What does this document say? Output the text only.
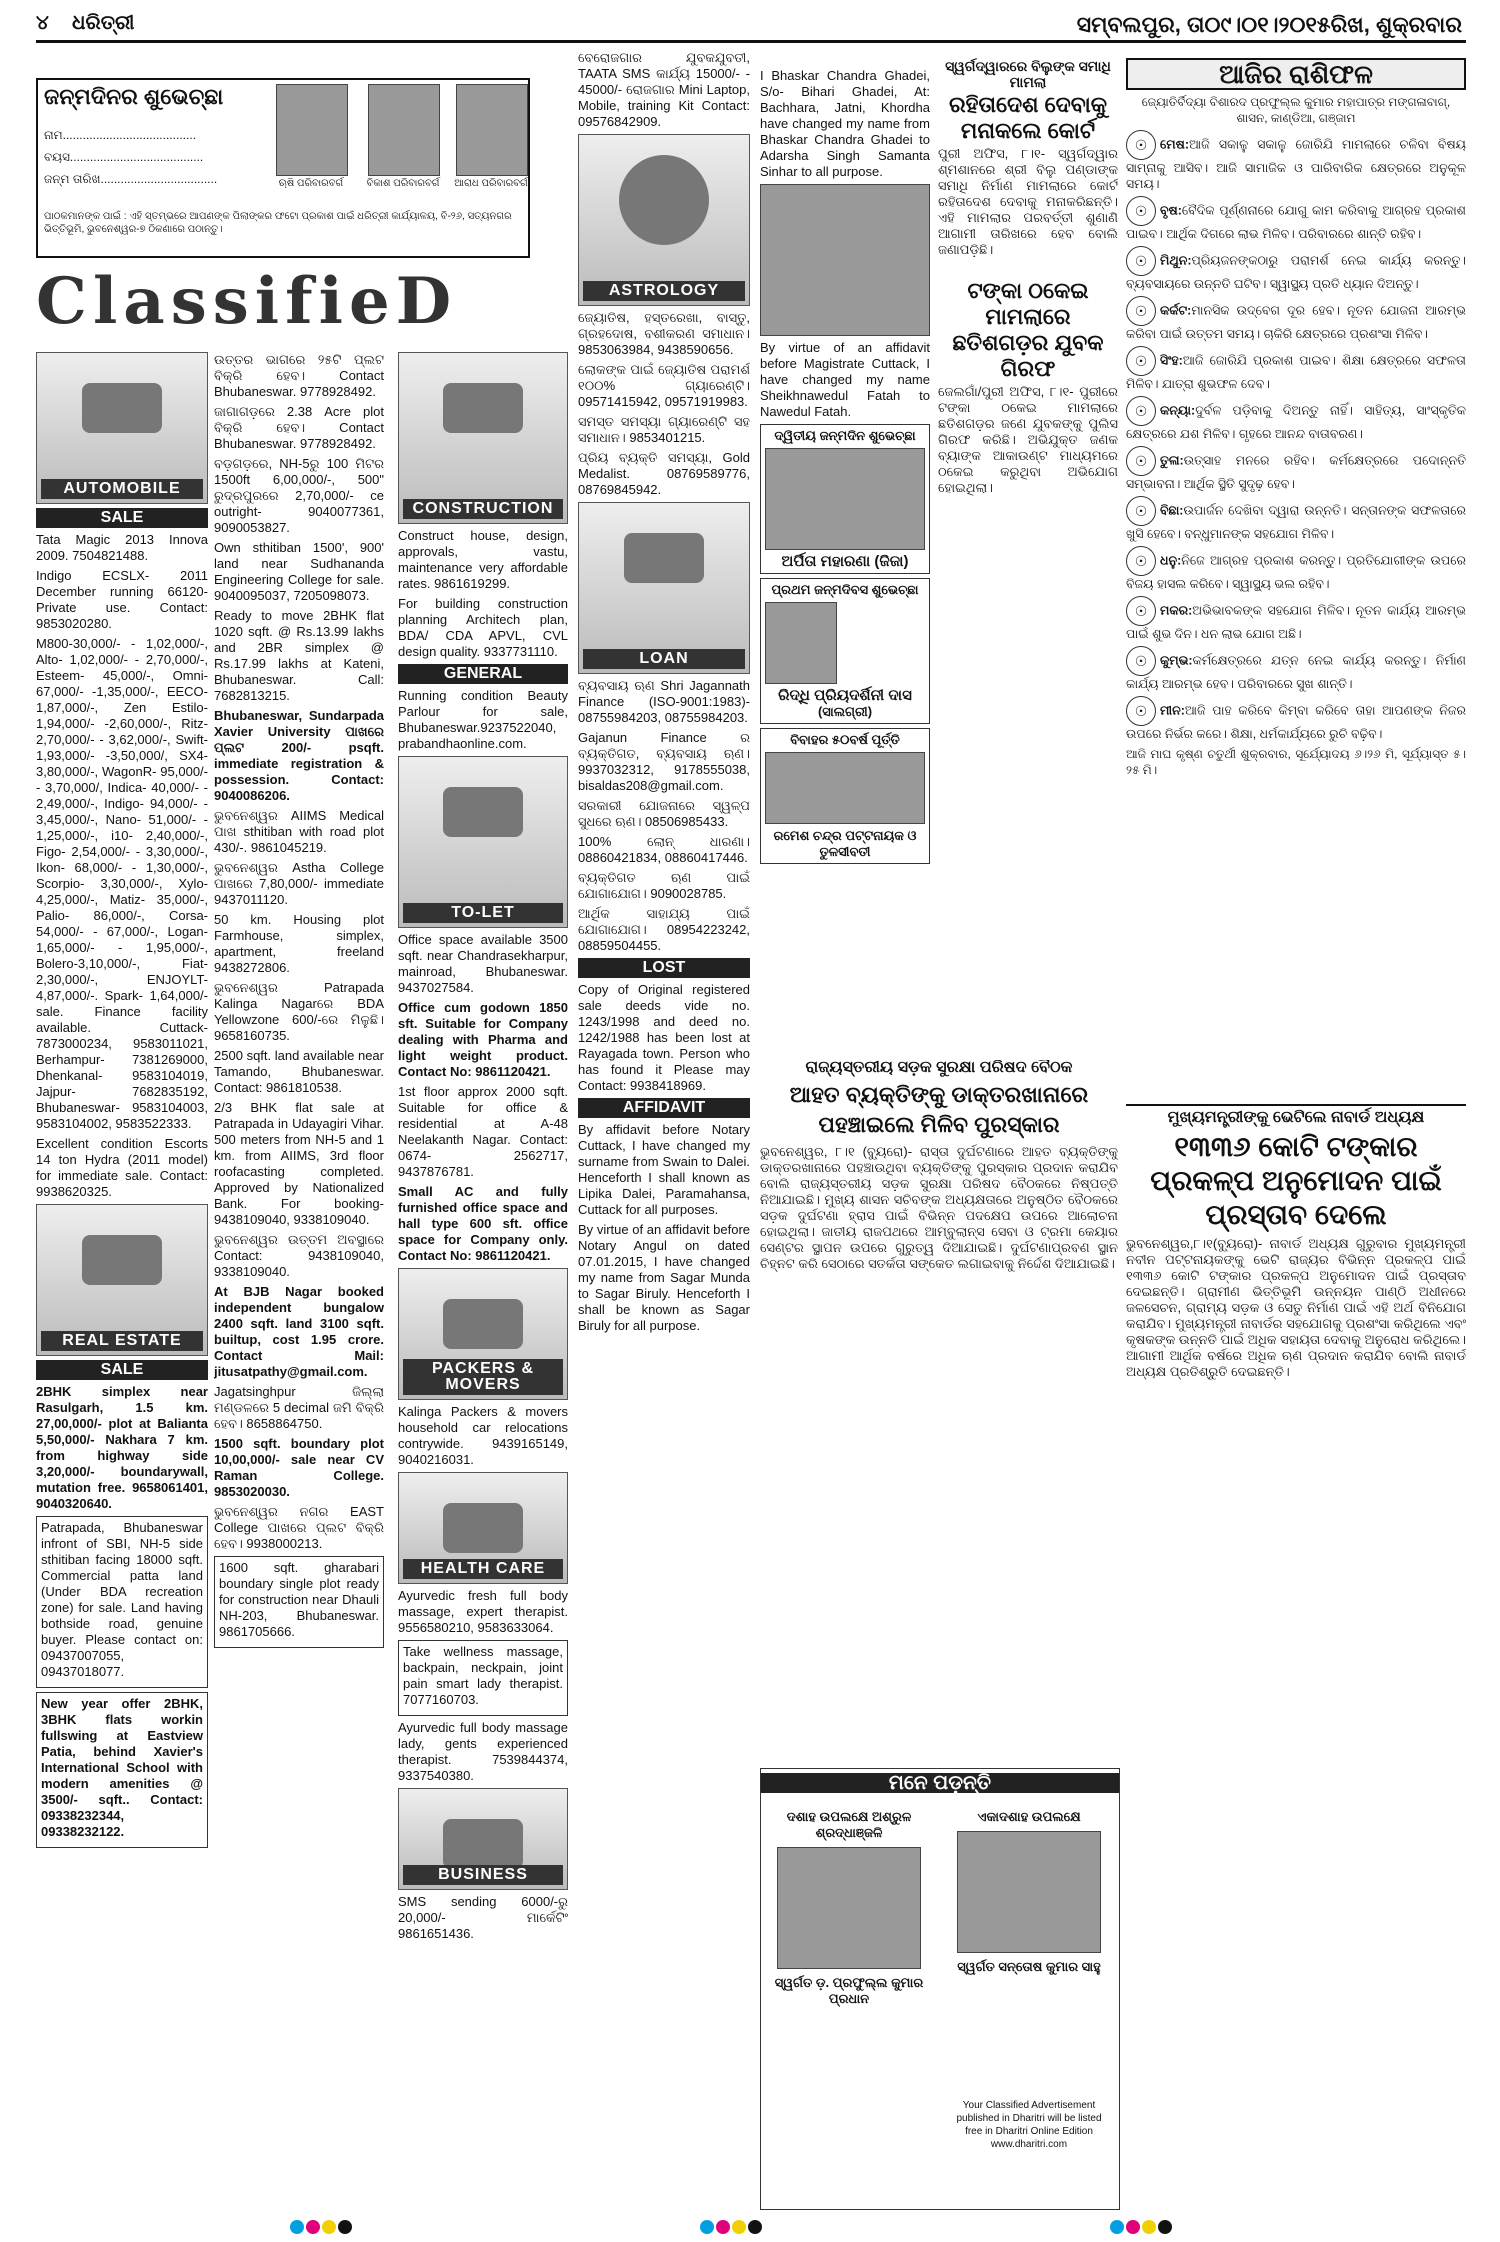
୪ ଧରିତ୍ରୀ	ସମ୍ବଲପୁର, ତା୦୯।୦୧।୨୦୧୫ରିଖ, ଶୁକ୍ରବାର
ଜନ୍ମଦିନର ଶୁଭେଚ୍ଛା
ନାମ........................................
ବୟସ........................................
ଜନ୍ମ ତାରିଖ...................................	ଋଷି ପରିବାରବର୍ଗ	ବିକାଶ ପରିବାରବର୍ଗ	ଆରାଧ ପରିବାରବର୍ଗ
ପାଠକମାନଙ୍କ ପାଇଁ : ଏହି ସ୍ତମ୍ଭରେ ଆପଣଙ୍କ ପିଲାଙ୍କର ଫଟୋ ପ୍ରକାଶ ପାଇଁ ଧରିତ୍ରୀ କାର୍ଯ୍ୟାଳୟ, ବି-୨୬, ସତ୍ୟନଗର ଭିତ୍ତିଭୂମି, ଭୁବନେଶ୍ୱର-୭ ଠିକଣାରେ ପଠାନ୍ତୁ।
ClassifieD
AUTOMOBILE
SALE

Tata Magic 2013 Innova 2009. 7504821488.

Indigo ECSLX- 2011 December running 66120- Private use. Contact: 9853020280.

M800-30,000/- - 1,02,000/-, Alto- 1,02,000/- - 2,70,000/-, Esteem- 45,000/-, Omni- 67,000/- -1,35,000/-, EECO- 1,87,000/-, Zen Estilo- 1,94,000/- -2,60,000/-, Ritz- 2,70,000/- - 3,62,000/-, Swift- 1,93,000/- -3,50,000/, SX4- 3,80,000/-, WagonR- 95,000/- - 3,70,000/, Indica- 40,000/- - 2,49,000/-, Indigo- 94,000/- - 3,45,000/-, Nano- 51,000/- - 1,25,000/-, i10- 2,40,000/-, Figo- 2,54,000/- - 3,30,000/-, Ikon- 68,000/- - 1,30,000/-, Scorpio- 3,30,000/-, Xylo- 4,25,000/-, Matiz- 35,000/-, Palio- 86,000/-, Corsa- 54,000/- - 67,000/-, Logan- 1,65,000/- - 1,95,000/-, Bolero-3,10,000/-, Fiat-2,30,000/-, ENJOYLT- 4,87,000/-. Spark- 1,64,000/-sale. Finance facility available. Cuttack- 7873000234, 9583011021, Berhampur- 7381269000, Dhenkanal- 9583104019, Jajpur- 7682835192, Bhubaneswar- 9583104003, 9583104002, 9583522333.

Excellent condition Escorts 14 ton Hydra (2011 model) for immediate sale. Contact: 9938620325.

REAL ESTATE
SALE

2BHK simplex near Rasulgarh, 1.5 km. 27,00,000/- plot at Balianta 5,50,000/- Nakhara 7 km. from highway side 3,20,000/- boundarywall, mutation free. 9658061401, 9040320640.

Patrapada, Bhubaneswar infront of SBI, NH-5 side sthitiban facing 18000 sqft. Commercial patta land (Under BDA recreation zone) for sale. Land having bothside road, genuine buyer. Please contact on: 09437007055, 09437018077.

New year offer 2BHK, 3BHK flats workin fullswing at Eastview Patia, behind Xavier's International School with modern amenities @ 3500/- sqft.. Contact: 09338232344, 09338232122.

ଉତ୍ତର ଭାଗରେ ୨୫ଟି ପ୍ଲଟ ବିକ୍ରି ହେବ। Contact Bhubaneswar. 9778928492.

ଜାଗାଗଡ଼ରେ 2.38 Acre plot ବିକ୍ରି ହେବ। Contact Bhubaneswar. 9778928492.

ବଡ଼ଗଡ଼ରେ, NH-5ରୁ 100 ମିଟର 1500ft 6,00,000/-, 500" ରୁଦ୍ରପୁରରେ 2,70,000/- ce outright- 9040077361, 9090053827.

Own sthitiban 1500', 900' land near Sudhananda Engineering College for sale. 9040095037, 7205098073.

Ready to move 2BHK flat 1020 sqft. @ Rs.13.99 lakhs and 2BR simplex @ Rs.17.99 lakhs at Kateni, Bhubaneswar. Call: 7682813215.

Bhubaneswar, Sundarpada Xavier University ପାଖରେ ପ୍ଲଟ 200/- psqft. immediate registration & possession. Contact: 9040086206.

ଭୁବନେଶ୍ୱର AIIMS Medical ପାଖ sthitiban with road plot 430/-. 9861045219.

ଭୁବନେଶ୍ୱର Astha College ପାଖରେ 7,80,000/- immediate 9437011120.

50 km. Housing plot Farmhouse, simplex, apartment, freeland 9438272806.

ଭୁବନେଶ୍ୱର Patrapada Kalinga Nagarରେ BDA Yellowzone 600/-ରେ ମିଳୁଛି। 9658160735.

2500 sqft. land available near Tamando, Bhubaneswar. Contact: 9861810538.

2/3 BHK flat sale at Patrapada in Udayagiri Vihar. 500 meters from NH-5 and 1 km. from AIIMS, 3rd floor roofacasting completed. Approved by Nationalized Bank. For booking- 9438109040, 9338109040.

ଭୁବନେଶ୍ୱର ଉତ୍ତମ ଅବସ୍ଥାରେ Contact: 9438109040, 9338109040.

At BJB Nagar booked independent bungalow 2400 sqft. land 3100 sqft. builtup, cost 1.95 crore. Contact Mail: jitusatpathy@gmail.com.

Jagatsinghpur ଜିଲ୍ଲା ମଣ୍ଡଳରେ 5 decimal ଜମି ବିକ୍ରି ହେବ। 8658864750.

1500 sqft. boundary plot 10,00,000/- sale near CV Raman College. 9853020030.

ଭୁବନେଶ୍ୱର ନଗର EAST College ପାଖରେ ପ୍ଲଟ ବିକ୍ରି ହେବ। 9938000213.

1600 sqft. gharabari boundary single plot ready for construction near Dhauli NH-203, Bhubaneswar. 9861705666.

CONSTRUCTION

Construct house, design, approvals, vastu, maintenance very affordable rates. 9861619299.

For building construction planning Architech plan, BDA/ CDA APVL, CVL design quality. 9337731110.

GENERAL

Running condition Beauty Parlour for sale, Bhubaneswar.9237522040, prabandhaonline.com.

TO-LET

Office space available 3500 sqft. near Chandrasekharpur, mainroad, Bhubaneswar. 9437027584.

Office cum godown 1850 sft. Suitable for Company dealing with Pharma and light weight product. Contact No: 9861120421.

1st floor approx 2000 sqft. Suitable for office & residential at A-48 Neelakanth Nagar. Contact: 0674- 2562717, 9437876781.

Small AC and fully furnished office space and hall type 600 sft. office space for Company only. Contact No: 9861120421.

PACKERS & MOVERS

Kalinga Packers & movers household car relocations contrywide. 9439165149, 9040216031.

HEALTH CARE

Ayurvedic fresh full body massage, expert therapist. 9556580210, 9583633064.

Take wellness massage, backpain, neckpain, joint pain smart lady therapist. 7077160703.

Ayurvedic full body massage lady, gents experienced therapist. 7539844374, 9337540380.

BUSINESS

SMS sending 6000/-ରୁ 20,000/- ମାର୍କେଟିଂ 9861651436.

ବେରୋଜଗାର ଯୁବକଯୁବତୀ, TAATA SMS କାର୍ଯ୍ୟ 15000/- - 45000/- ରୋଜଗାର Mini Laptop, Mobile, training Kit Contact: 09576842909.

ASTROLOGY

ଜ୍ୟୋତିଷ, ହସ୍ତରେଖା, ବାସ୍ତୁ, ଗ୍ରହଦୋଷ, ବଶୀକରଣ ସମାଧାନ। 9853063984, 9438590656.

ଲୋକଙ୍କ ପାଇଁ ଜ୍ୟୋତିଷ ପରାମର୍ଶ ୧୦୦% ଗ୍ୟାରେଣ୍ଟି। 09571415942, 09571919983.

ସମସ୍ତ ସମସ୍ୟା ଗ୍ୟାରେଣ୍ଟି ସହ ସମାଧାନ। 9853401215.

ପ୍ରିୟ ବ୍ୟକ୍ତି ସମସ୍ୟା, Gold Medalist. 08769589776, 08769845942.

LOAN

ବ୍ୟବସାୟ ଋଣ Shri Jagannath Finance (ISO-9001:1983)- 08755984203, 08755984203.

Gajanun Finance ର ବ୍ୟକ୍ତିଗତ, ବ୍ୟବସାୟ ଋଣ। 9937032312, 9178555038, bisaldas208@gmail.com.

ସରକାରୀ ଯୋଜନାରେ ସ୍ୱଳ୍ପ ସୁଧରେ ଋଣ। 08506985433.

100% ଲୋନ୍ ଧାରଣା। 08860421834, 08860417446.

ବ୍ୟକ୍ତିଗତ ଋଣ ପାଇଁ ଯୋଗାଯୋଗ। 9090028785.

ଆର୍ଥିକ ସାହାଯ୍ୟ ପାଇଁ ଯୋଗାଯୋଗ। 08954223242, 08859504455.

LOST

Copy of Original registered sale deeds vide no. 1243/1998 and deed no. 1242/1988 has been lost at Rayagada town. Person who has found it Please may Contact: 9938418969.

AFFIDAVIT

By affidavit before Notary Cuttack, I have changed my surname from Swain to Dalei. Henceforth I shall known as Lipika Dalei, Paramahansa, Cuttack for all purposes.

By virtue of an affidavit before Notary Angul on dated 07.01.2015, I have changed my name from Sagar Munda to Sagar Biruly. Henceforth I shall be known as Sagar Biruly for all purpose.

I Bhaskar Chandra Ghadei, S/o- Bihari Ghadei, At: Bachhara, Jatni, Khordha have changed my name from Bhaskar Chandra Ghadei to Adarsha Singh Samanta Sinhar to all purpose.

By virtue of an affidavit before Magistrate Cuttack, I have changed my name Sheikhnawedul Fatah to Nawedul Fatah.

ଦ୍ୱିତୀୟ ଜନ୍ମଦିନ ଶୁଭେଚ୍ଛା
ଅର୍ପିତା ମହାରଣା (ଜିଜା)
ପ୍ରଥମ ଜନ୍ମଦିବସ ଶୁଭେଚ୍ଛା
ରିଦ୍ଧି ପ୍ରିୟଦର୍ଶିନୀ ଦାସ
(ସାଲଗ୍ରୀ)
ବିବାହର ୫୦ବର୍ଷ ପୂର୍ତ୍ତି
ରମେଶ ଚନ୍ଦ୍ର ପଟ୍ଟନାୟକ ଓ ତୁଳସୀବତୀ
ସ୍ୱର୍ଗଦ୍ୱାରରେ ବିଲୁଙ୍କ ସମାଧି ମାମଲା
ରହିତାଦେଶ ଦେବାକୁ ମନାକଲେ କୋର୍ଟ

ପୁରୀ ଅଫିସ, ୮।୧- ସ୍ୱର୍ଗଦ୍ୱାର ଶ୍ମଶାନରେ ଶ୍ରୀ ବିଲୁ ପଣ୍ଡାଙ୍କ ସମାଧି ନିର୍ମାଣ ମାମଲାରେ କୋର୍ଟ ରହିତାଦେଶ ଦେବାକୁ ମନାକରିଛନ୍ତି। ଏହି ମାମଲାର ପରବର୍ତ୍ତୀ ଶୁଣାଣି ଆଗାମୀ ତାରିଖରେ ହେବ ବୋଲି ଜଣାପଡ଼ିଛି।

ଟଙ୍କା ଠକେଇ ମାମଲାରେ ଛତିଶଗଡ଼ର ଯୁବକ ଗିରଫ

ଜେଲଗାଁ/ପୁରୀ ଅଫିସ, ୮।୧- ପୁରୀରେ ଟଙ୍କା ଠକେଇ ମାମଲାରେ ଛତିଶଗଡ଼ର ଜଣେ ଯୁବକଙ୍କୁ ପୁଲିସ ଗିରଫ କରିଛି। ଅଭିଯୁକ୍ତ ଜଣକ ବ୍ୟାଙ୍କ ଆକାଉଣ୍ଟ ମାଧ୍ୟମରେ ଠକେଇ କରୁଥିବା ଅଭିଯୋଗ ହୋଇଥିଲା।

ରାଜ୍ୟସ୍ତରୀୟ ସଡ଼କ ସୁରକ୍ଷା ପରିଷଦ ବୈଠକ
ଆହତ ବ୍ୟକ୍ତିଙ୍କୁ ଡାକ୍ତରଖାନାରେ ପହଞ୍ଚାଇଲେ ମିଳିବ ପୁରସ୍କାର

ଭୁବନେଶ୍ୱର, ୮।୧ (ବ୍ୟୁରୋ)- ରାସ୍ତା ଦୁର୍ଘଟଣାରେ ଆହତ ବ୍ୟକ୍ତିଙ୍କୁ ଡାକ୍ତରଖାନାରେ ପହଞ୍ଚାଉଥିବା ବ୍ୟକ୍ତିଙ୍କୁ ପୁରସ୍କାର ପ୍ରଦାନ କରାଯିବ ବୋଲି ରାଜ୍ୟସ୍ତରୀୟ ସଡ଼କ ସୁରକ୍ଷା ପରିଷଦ ବୈଠକରେ ନିଷ୍ପତ୍ତି ନିଆଯାଇଛି। ମୁଖ୍ୟ ଶାସନ ସଚିବଙ୍କ ଅଧ୍ୟକ୍ଷତାରେ ଅନୁଷ୍ଠିତ ବୈଠକରେ ସଡ଼କ ଦୁର୍ଘଟଣା ହ୍ରାସ ପାଇଁ ବିଭିନ୍ନ ପଦକ୍ଷେପ ଉପରେ ଆଲୋଚନା ହୋଇଥିଲା। ଜାତୀୟ ରାଜପଥରେ ଆମ୍ବୁଲାନ୍ସ ସେବା ଓ ଟ୍ରମା କେୟାର ସେଣ୍ଟର ସ୍ଥାପନ ଉପରେ ଗୁରୁତ୍ୱ ଦିଆଯାଇଛି। ଦୁର୍ଘଟଣାପ୍ରବଣ ସ୍ଥାନ ଚିହ୍ନଟ କରି ସେଠାରେ ସତର୍କତା ସଙ୍କେତ ଲଗାଇବାକୁ ନିର୍ଦ୍ଦେଶ ଦିଆଯାଇଛି।

ମନେ ପଡ଼ନ୍ତି
ଦଶାହ ଉପଲକ୍ଷେ ଅଶ୍ରୁଳ ଶ୍ରଦ୍ଧାଞ୍ଜଳି
ସ୍ୱର୍ଗତ ଡ଼. ପ୍ରଫୁଲ୍ଲ କୁମାର ପ୍ରଧାନ
ଏକାଦଶାହ ଉପଲକ୍ଷେ
ସ୍ୱର୍ଗତ ସନ୍ତୋଷ କୁମାର ସାହୁ
Your Classified Advertisement published in Dharitri will be listed free in Dharitri Online Edition www.dharitri.com
ଆଜିର ରାଶିଫଳ
ଜ୍ୟୋତିର୍ବିଦ୍ୟା ବିଶାରଦ ପ୍ରଫୁଲ୍ଲ କୁମାର ମହାପାତ୍ର ମଙ୍ଗଳାବାଗ୍, ଶାସନ, କାଣ୍ଡିଆ, ଗଞ୍ଜାମ

☉ ମେଷ:ଆଜି ସକାଳୁ ସକାଳୁ ଜୋରିଯି ମାମଲାରେ ଚଳିବା ବିଷୟ ସାମ୍ନାକୁ ଆସିବ। ଆଜି ସାମାଜିକ ଓ ପାରିବାରିକ କ୍ଷେତ୍ରରେ ଅନୁକୂଳ ସମୟ।

☉ ବୃଷ:ବୈଦିକ ପୂର୍ଣ୍ଣନାରେ ଯୋଗୁ କାମ କରିବାକୁ ଆଗ୍ରହ ପ୍ରକାଶ ପାଇବ। ଆର୍ଥିକ ଦିଗରେ ଲାଭ ମିଳିବ। ପରିବାରରେ ଶାନ୍ତି ରହିବ।

☉ ମିଥୁନ:ପ୍ରିୟଜନଙ୍କଠାରୁ ପରାମର୍ଶ ନେଇ କାର୍ଯ୍ୟ କରନ୍ତୁ। ବ୍ୟବସାୟରେ ଉନ୍ନତି ଘଟିବ। ସ୍ୱାସ୍ଥ୍ୟ ପ୍ରତି ଧ୍ୟାନ ଦିଅନ୍ତୁ।

☉ କର୍କଟ:ମାନସିକ ଉଦ୍‌ବେଗ ଦୂର ହେବ। ନୂତନ ଯୋଜନା ଆରମ୍ଭ କରିବା ପାଇଁ ଉତ୍ତମ ସମୟ। ଚାକିରି କ୍ଷେତ୍ରରେ ପ୍ରଶଂସା ମିଳିବ।

☉ ସିଂହ:ଆଜି ଜୋରିଯି ପ୍ରକାଶ ପାଇବ। ଶିକ୍ଷା କ୍ଷେତ୍ରରେ ସଫଳତା ମିଳିବ। ଯାତ୍ରା ଶୁଭଫଳ ଦେବ।

☉ କନ୍ୟା:ଦୁର୍ବଳ ପଡ଼ିବାକୁ ଦିଅନ୍ତୁ ନାହିଁ। ସାହିତ୍ୟ, ସାଂସ୍କୃତିକ କ୍ଷେତ୍ରରେ ଯଶ ମିଳିବ। ଗୃହରେ ଆନନ୍ଦ ବାତାବରଣ।

☉ ତୁଳା:ଉତ୍ସାହ ମନରେ ରହିବ। କର୍ମକ୍ଷେତ୍ରରେ ପଦୋନ୍ନତି ସମ୍ଭାବନା। ଆର୍ଥିକ ସ୍ଥିତି ସୁଦୃଢ଼ ହେବ।

☉ ବିଛା:ଉପାର୍ଜନ ଦେଖିବା ଦ୍ୱାରା ଉନ୍ନତି। ସନ୍ତାନଙ୍କ ସଫଳତାରେ ଖୁସି ହେବେ। ବନ୍ଧୁମାନଙ୍କ ସହଯୋଗ ମିଳିବ।

☉ ଧନୁ:ନିଜେ ଆଗ୍ରହ ପ୍ରକାଶ କରନ୍ତୁ। ପ୍ରତିଯୋଗୀଙ୍କ ଉପରେ ବିଜୟ ହାସଲ କରିବେ। ସ୍ୱାସ୍ଥ୍ୟ ଭଲ ରହିବ।

☉ ମକର:ଅଭିଭାବକଙ୍କ ସହଯୋଗ ମିଳିବ। ନୂତନ କାର୍ଯ୍ୟ ଆରମ୍ଭ ପାଇଁ ଶୁଭ ଦିନ। ଧନ ଲାଭ ଯୋଗ ଅଛି।

☉ କୁମ୍ଭ:କର୍ମକ୍ଷେତ୍ରରେ ଯତ୍ନ ନେଇ କାର୍ଯ୍ୟ କରନ୍ତୁ। ନିର୍ମାଣ କାର୍ଯ୍ୟ ଆରମ୍ଭ ହେବ। ପରିବାରରେ ସୁଖ ଶାନ୍ତି।

☉ ମୀନ:ଆଜି ପାହ କରିବେ କିମ୍ବା କରିବେ ତାହା ଆପଣଙ୍କ ନିଜର ଉପରେ ନିର୍ଭର କରେ। ଶିକ୍ଷା, ଧର୍ମକାର୍ଯ୍ୟରେ ରୁଚି ବଢ଼ିବ।

ଆଜି ମାଘ କୃଷ୍ଣ ଚତୁର୍ଥୀ ଶୁକ୍ରବାର, ସୂର୍ଯ୍ୟୋଦୟ ୬।୨୬ ମି, ସୂର୍ଯ୍ୟାସ୍ତ ୫।୨୫ ମି।

ମୁଖ୍ୟମନ୍ତ୍ରୀଙ୍କୁ ଭେଟିଲେ ନାବାର୍ଡ ଅଧ୍ୟକ୍ଷ
୧୩୩୬ କୋଟି ଟଙ୍କାର ପ୍ରକଳ୍ପ ଅନୁମୋଦନ ପାଇଁ ପ୍ରସ୍ତାବ ଦେଲେ

ଭୁବନେଶ୍ୱର,୮।୧(ବ୍ୟୁରୋ)- ନାବାର୍ଡ ଅଧ୍ୟକ୍ଷ ଗୁରୁବାର ମୁଖ୍ୟମନ୍ତ୍ରୀ ନବୀନ ପଟ୍ଟନାୟକଙ୍କୁ ଭେଟି ରାଜ୍ୟର ବିଭିନ୍ନ ପ୍ରକଳ୍ପ ପାଇଁ ୧୩୩୬ କୋଟି ଟଙ୍କାର ପ୍ରକଳ୍ପ ଅନୁମୋଦନ ପାଇଁ ପ୍ରସ୍ତାବ ଦେଇଛନ୍ତି। ଗ୍ରାମୀଣ ଭିତ୍ତିଭୂମି ଉନ୍ନୟନ ପାଣ୍ଠି ଅଧୀନରେ ଜଳସେଚନ, ଗ୍ରାମ୍ୟ ସଡ଼କ ଓ ସେତୁ ନିର୍ମାଣ ପାଇଁ ଏହି ଅର୍ଥ ବିନିଯୋଗ କରାଯିବ। ମୁଖ୍ୟମନ୍ତ୍ରୀ ନାବାର୍ଡର ସହଯୋଗକୁ ପ୍ରଶଂସା କରିଥିଲେ ଏବଂ କୃଷକଙ୍କ ଉନ୍ନତି ପାଇଁ ଅଧିକ ସହାୟତା ଦେବାକୁ ଅନୁରୋଧ କରିଥିଲେ। ଆଗାମୀ ଆର୍ଥିକ ବର୍ଷରେ ଅଧିକ ଋଣ ପ୍ରଦାନ କରାଯିବ ବୋଲି ନାବାର୍ଡ ଅଧ୍ୟକ୍ଷ ପ୍ରତିଶ୍ରୁତି ଦେଇଛନ୍ତି।
